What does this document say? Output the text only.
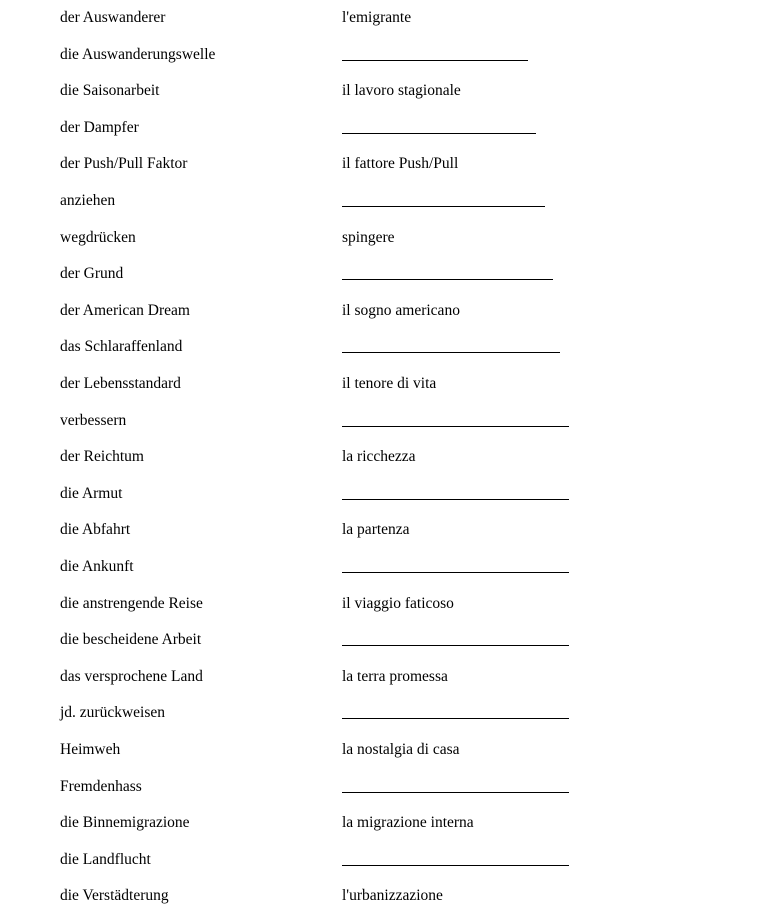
der Auswanderer	l'emigrante
die Auswanderungswelle
die Saisonarbeit	il lavoro stagionale
der Dampfer
der Push/Pull Faktor	il fattore Push/Pull
anziehen
wegdrücken	spingere
der Grund
der American Dream	il sogno americano
das Schlaraffenland
der Lebensstandard	il tenore di vita
verbessern
der Reichtum	la ricchezza
die Armut
die Abfahrt	la partenza
die Ankunft
die anstrengende Reise	il viaggio faticoso
die bescheidene Arbeit
das versprochene Land	la terra promessa
jd. zurückweisen
Heimweh	la nostalgia di casa
Fremdenhass
die Binnemigrazione	la migrazione interna
die Landflucht
die Verstädterung	l'urbanizzazione
